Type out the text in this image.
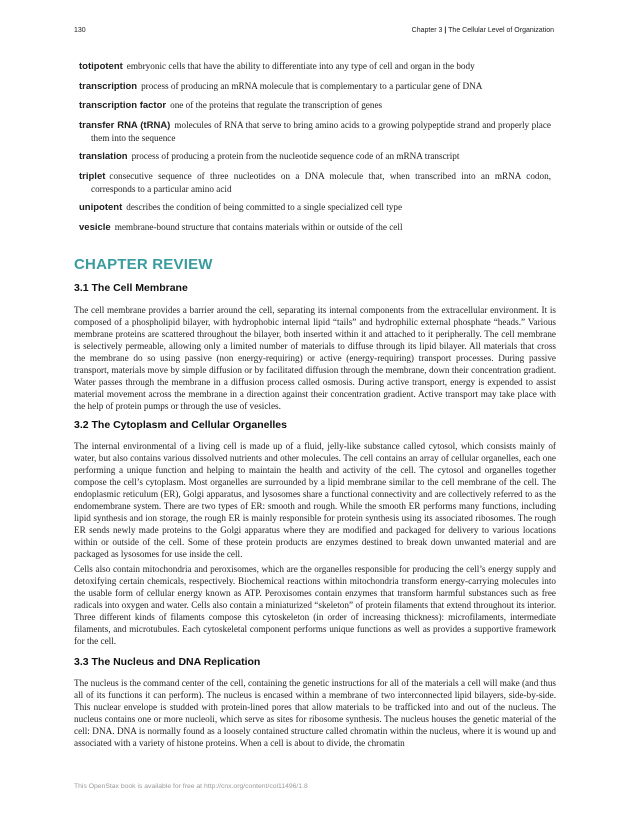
130	Chapter 3 | The Cellular Level of Organization

totipotent embryonic cells that have the ability to differentiate into any type of cell and organ in the body

transcription process of producing an mRNA molecule that is complementary to a particular gene of DNA

transcription factor one of the proteins that regulate the transcription of genes

transfer RNA (tRNA) molecules of RNA that serve to bring amino acids to a growing polypeptide strand and properly place them into the sequence

translation process of producing a protein from the nucleotide sequence code of an mRNA transcript

triplet consecutive sequence of three nucleotides on a DNA molecule that, when transcribed into an mRNA codon, corresponds to a particular amino acid

unipotent describes the condition of being committed to a single specialized cell type

vesicle membrane-bound structure that contains materials within or outside of the cell

CHAPTER REVIEW
3.1 The Cell Membrane

The cell membrane provides a barrier around the cell, separating its internal components from the extracellular environment. It is composed of a phospholipid bilayer, with hydrophobic internal lipid “tails” and hydrophilic external phosphate “heads.” Various membrane proteins are scattered throughout the bilayer, both inserted within it and attached to it peripherally. The cell membrane is selectively permeable, allowing only a limited number of materials to diffuse through its lipid bilayer. All materials that cross the membrane do so using passive (non energy-requiring) or active (energy-requiring) transport processes. During passive transport, materials move by simple diffusion or by facilitated diffusion through the membrane, down their concentration gradient. Water passes through the membrane in a diffusion process called osmosis. During active transport, energy is expended to assist material movement across the membrane in a direction against their concentration gradient. Active transport may take place with the help of protein pumps or through the use of vesicles.

3.2 The Cytoplasm and Cellular Organelles

The internal environmental of a living cell is made up of a fluid, jelly-like substance called cytosol, which consists mainly of water, but also contains various dissolved nutrients and other molecules. The cell contains an array of cellular organelles, each one performing a unique function and helping to maintain the health and activity of the cell. The cytosol and organelles together compose the cell’s cytoplasm. Most organelles are surrounded by a lipid membrane similar to the cell membrane of the cell. The endoplasmic reticulum (ER), Golgi apparatus, and lysosomes share a functional connectivity and are collectively referred to as the endomembrane system. There are two types of ER: smooth and rough. While the smooth ER performs many functions, including lipid synthesis and ion storage, the rough ER is mainly responsible for protein synthesis using its associated ribosomes. The rough ER sends newly made proteins to the Golgi apparatus where they are modified and packaged for delivery to various locations within or outside of the cell. Some of these protein products are enzymes destined to break down unwanted material and are packaged as lysosomes for use inside the cell.

Cells also contain mitochondria and peroxisomes, which are the organelles responsible for producing the cell’s energy supply and detoxifying certain chemicals, respectively. Biochemical reactions within mitochondria transform energy-carrying molecules into the usable form of cellular energy known as ATP. Peroxisomes contain enzymes that transform harmful substances such as free radicals into oxygen and water. Cells also contain a miniaturized “skeleton” of protein filaments that extend throughout its interior. Three different kinds of filaments compose this cytoskeleton (in order of increasing thickness): microfilaments, intermediate filaments, and microtubules. Each cytoskeletal component performs unique functions as well as provides a supportive framework for the cell.

3.3 The Nucleus and DNA Replication

The nucleus is the command center of the cell, containing the genetic instructions for all of the materials a cell will make (and thus all of its functions it can perform). The nucleus is encased within a membrane of two interconnected lipid bilayers, side-by-side. This nuclear envelope is studded with protein-lined pores that allow materials to be trafficked into and out of the nucleus. The nucleus contains one or more nucleoli, which serve as sites for ribosome synthesis. The nucleus houses the genetic material of the cell: DNA. DNA is normally found as a loosely contained structure called chromatin within the nucleus, where it is wound up and associated with a variety of histone proteins. When a cell is about to divide, the chromatin

This OpenStax book is available for free at http://cnx.org/content/col11496/1.8
